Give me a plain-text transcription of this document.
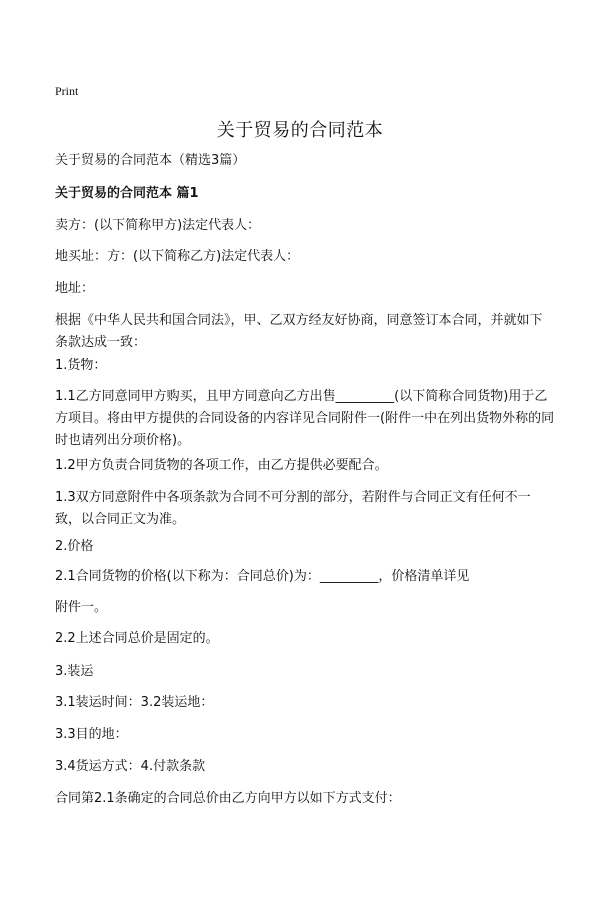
Print
关于贸易的合同范本

关于贸易的合同范本（精选3篇）

关于贸易的合同范本 篇1

卖方：(以下简称甲方)法定代表人：

地买址：方：(以下简称乙方)法定代表人：

地址：

根据《中华人民共和国合同法》，甲、乙双方经友好协商，同意签订本合同，并就如下条款达成一致：

1.货物：

1.1乙方同意同甲方购买，且甲方同意向乙方出售_________(以下简称合同货物)用于乙方项目。将由甲方提供的合同设备的内容详见合同附件一(附件一中在列出货物外称的同时也请列出分项价格)。

1.2甲方负责合同货物的各项工作，由乙方提供必要配合。

1.3双方同意附件中各项条款为合同不可分割的部分，若附件与合同正文有任何不一致，以合同正文为准。

2.价格

2.1合同货物的价格(以下称为：合同总价)为：_________，价格清单详见

附件一。

2.2上述合同总价是固定的。

3.装运

3.1装运时间：3.2装运地：

3.3目的地：

3.4货运方式：4.付款条款

合同第2.1条确定的合同总价由乙方向甲方以如下方式支付：
